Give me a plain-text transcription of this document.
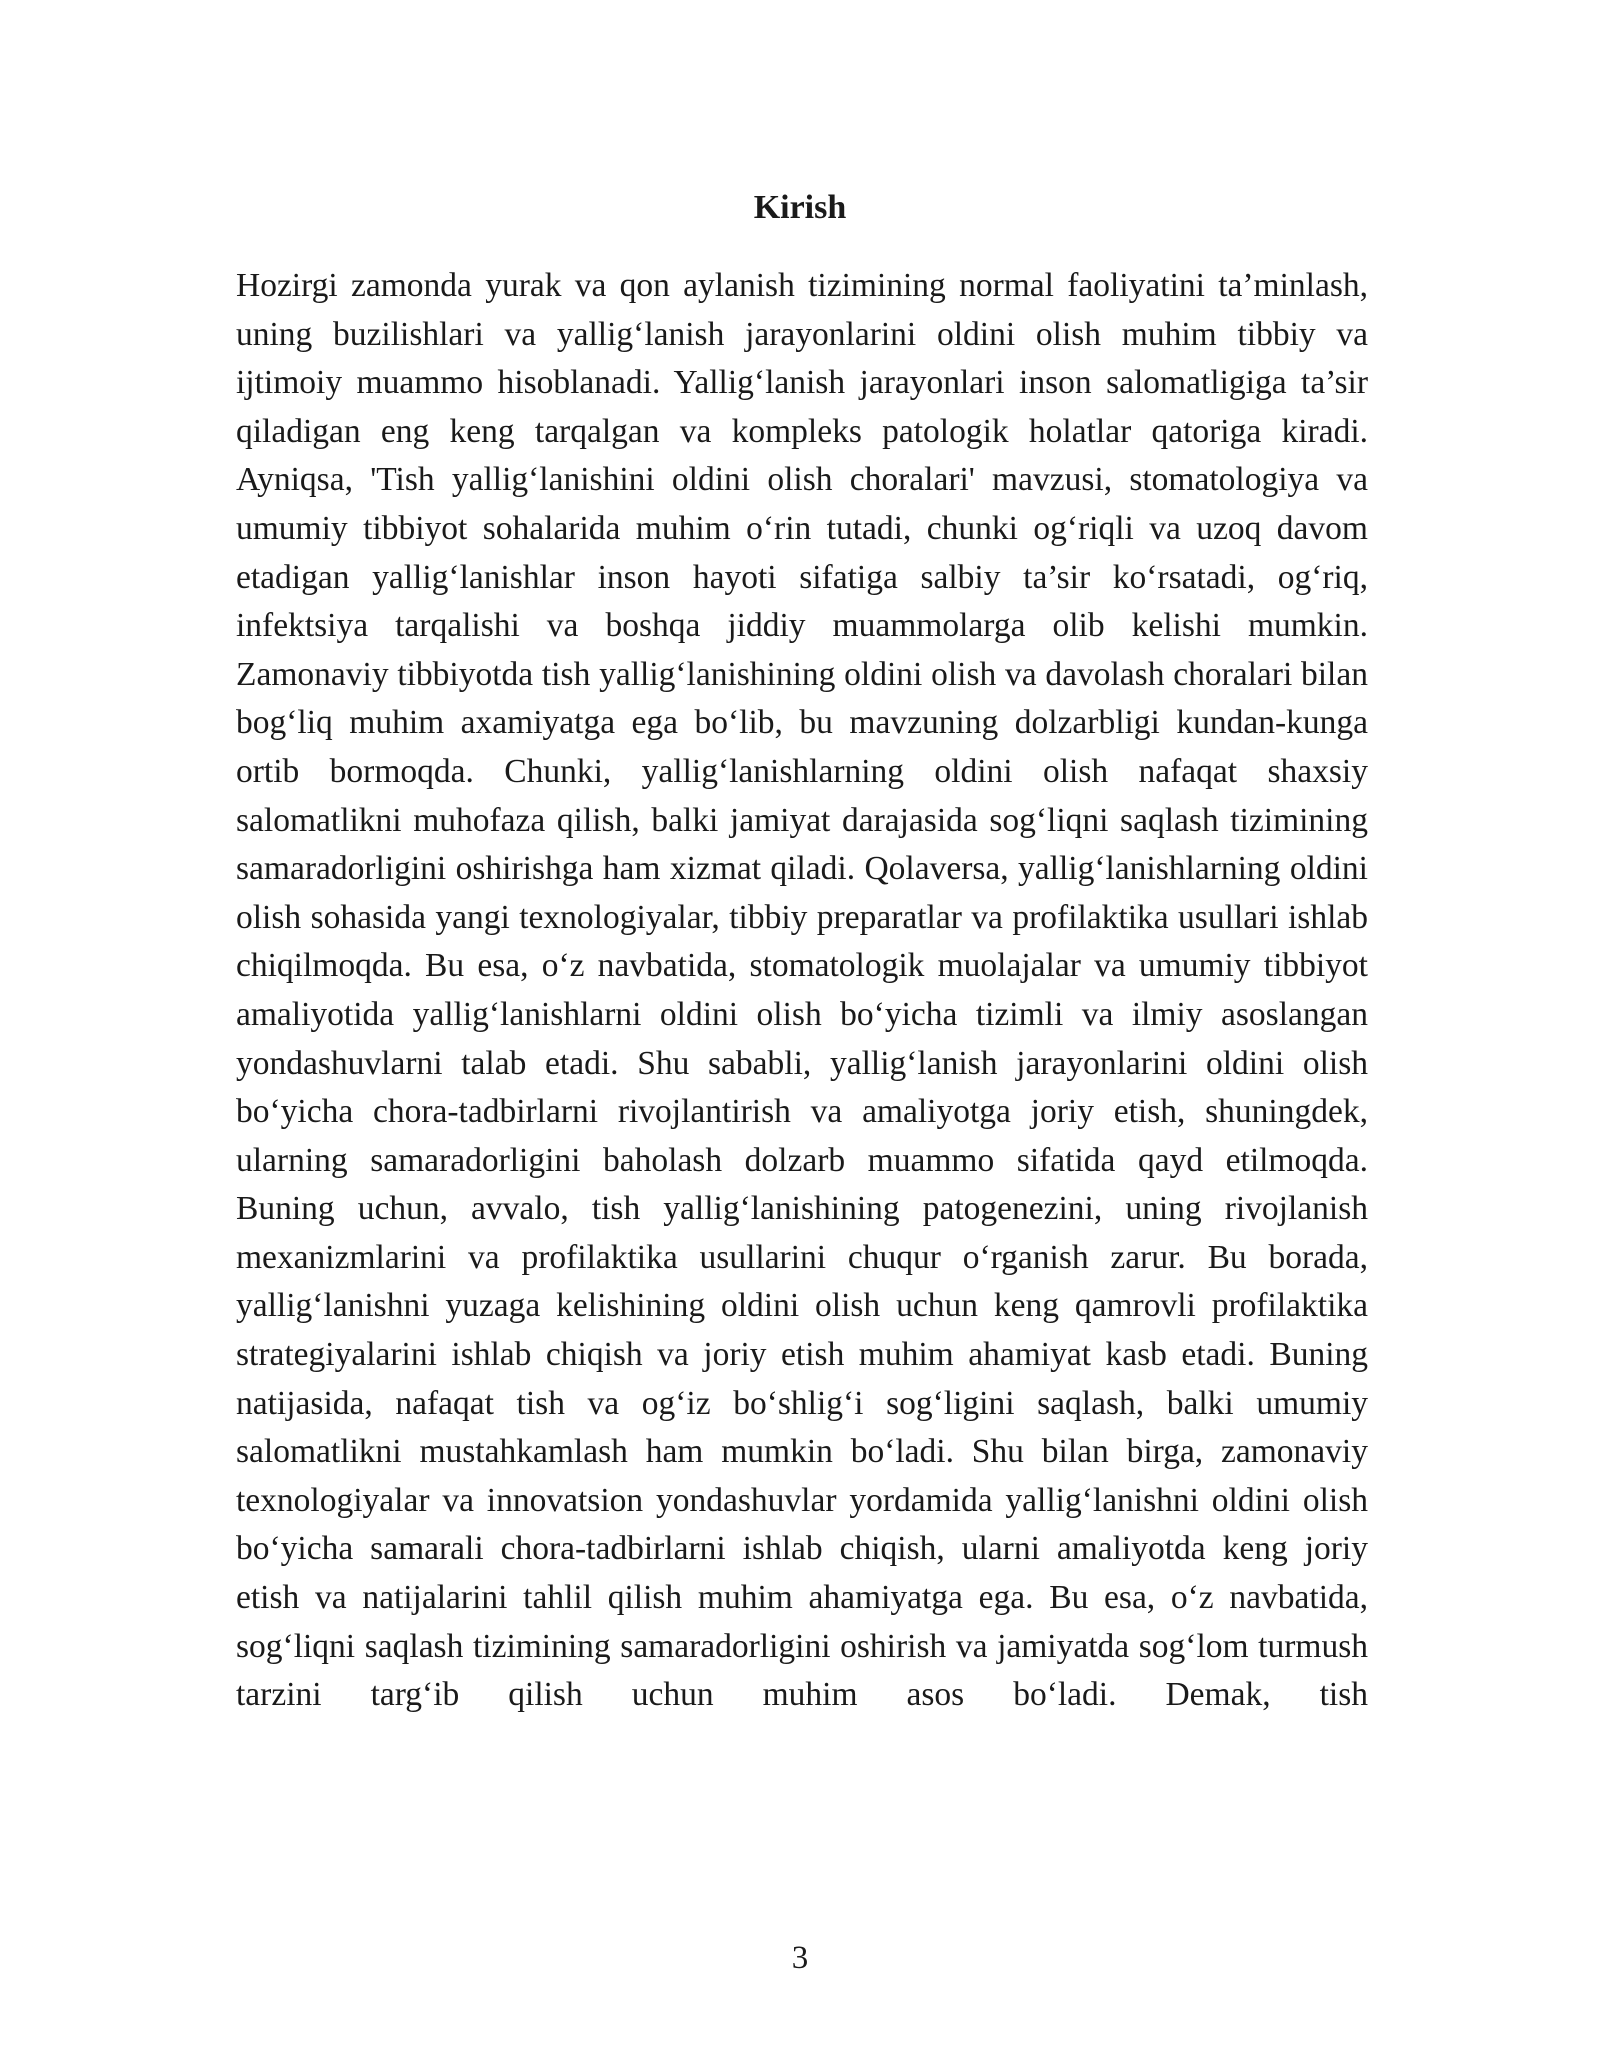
Kirish

Hozirgi zamonda yurak va qon aylanish tizimining normal faoliyatini ta’minlash, uning buzilishlari va yallig‘lanish jarayonlarini oldini olish muhim tibbiy va ijtimoiy muammo hisoblanadi. Yallig‘lanish jarayonlari inson salomatligiga ta’sir qiladigan eng keng tarqalgan va kompleks patologik holatlar qatoriga kiradi. Ayniqsa, 'Tish yallig‘lanishini oldini olish choralari' mavzusi, stomatologiya va umumiy tibbiyot sohalarida muhim o‘rin tutadi, chunki og‘riqli va uzoq davom etadigan yallig‘lanishlar inson hayoti sifatiga salbiy ta’sir ko‘rsatadi, og‘riq, infektsiya tarqalishi va boshqa jiddiy muammolarga olib kelishi mumkin. Zamonaviy tibbiyotda tish yallig‘lanishining oldini olish va davolash choralari bilan bog‘liq muhim axamiyatga ega bo‘lib, bu mavzuning dolzarbligi kundan-kunga ortib bormoqda. Chunki, yallig‘lanishlarning oldini olish nafaqat shaxsiy salomatlikni muhofaza qilish, balki jamiyat darajasida sog‘liqni saqlash tizimining samaradorligini oshirishga ham xizmat qiladi. Qolaversa, yallig‘lanishlarning oldini olish sohasida yangi texnologiyalar, tibbiy preparatlar va profilaktika usullari ishlab chiqilmoqda. Bu esa, o‘z navbatida, stomatologik muolajalar va umumiy tibbiyot amaliyotida yallig‘lanishlarni oldini olish bo‘yicha tizimli va ilmiy asoslangan yondashuvlarni talab etadi. Shu sababli, yallig‘lanish jarayonlarini oldini olish bo‘yicha chora-tadbirlarni rivojlantirish va amaliyotga joriy etish, shuningdek, ularning samaradorligini baholash dolzarb muammo sifatida qayd etilmoqda. Buning uchun, avvalo, tish yallig‘lanishining patogenezini, uning rivojlanish mexanizmlarini va profilaktika usullarini chuqur o‘rganish zarur. Bu borada, yallig‘lanishni yuzaga kelishining oldini olish uchun keng qamrovli profilaktika strategiyalarini ishlab chiqish va joriy etish muhim ahamiyat kasb etadi. Buning natijasida, nafaqat tish va og‘iz bo‘shlig‘i sog‘ligini saqlash, balki umumiy salomatlikni mustahkamlash ham mumkin bo‘ladi. Shu bilan birga, zamonaviy texnologiyalar va innovatsion yondashuvlar yordamida yallig‘lanishni oldini olish bo‘yicha samarali chora-tadbirlarni ishlab chiqish, ularni amaliyotda keng joriy etish va natijalarini tahlil qilish muhim ahamiyatga ega. Bu esa, o‘z navbatida, sog‘liqni saqlash tizimining samaradorligini oshirish va jamiyatda sog‘lom turmush tarzini targ‘ib qilish uchun muhim asos bo‘ladi. Demak, tish

3
